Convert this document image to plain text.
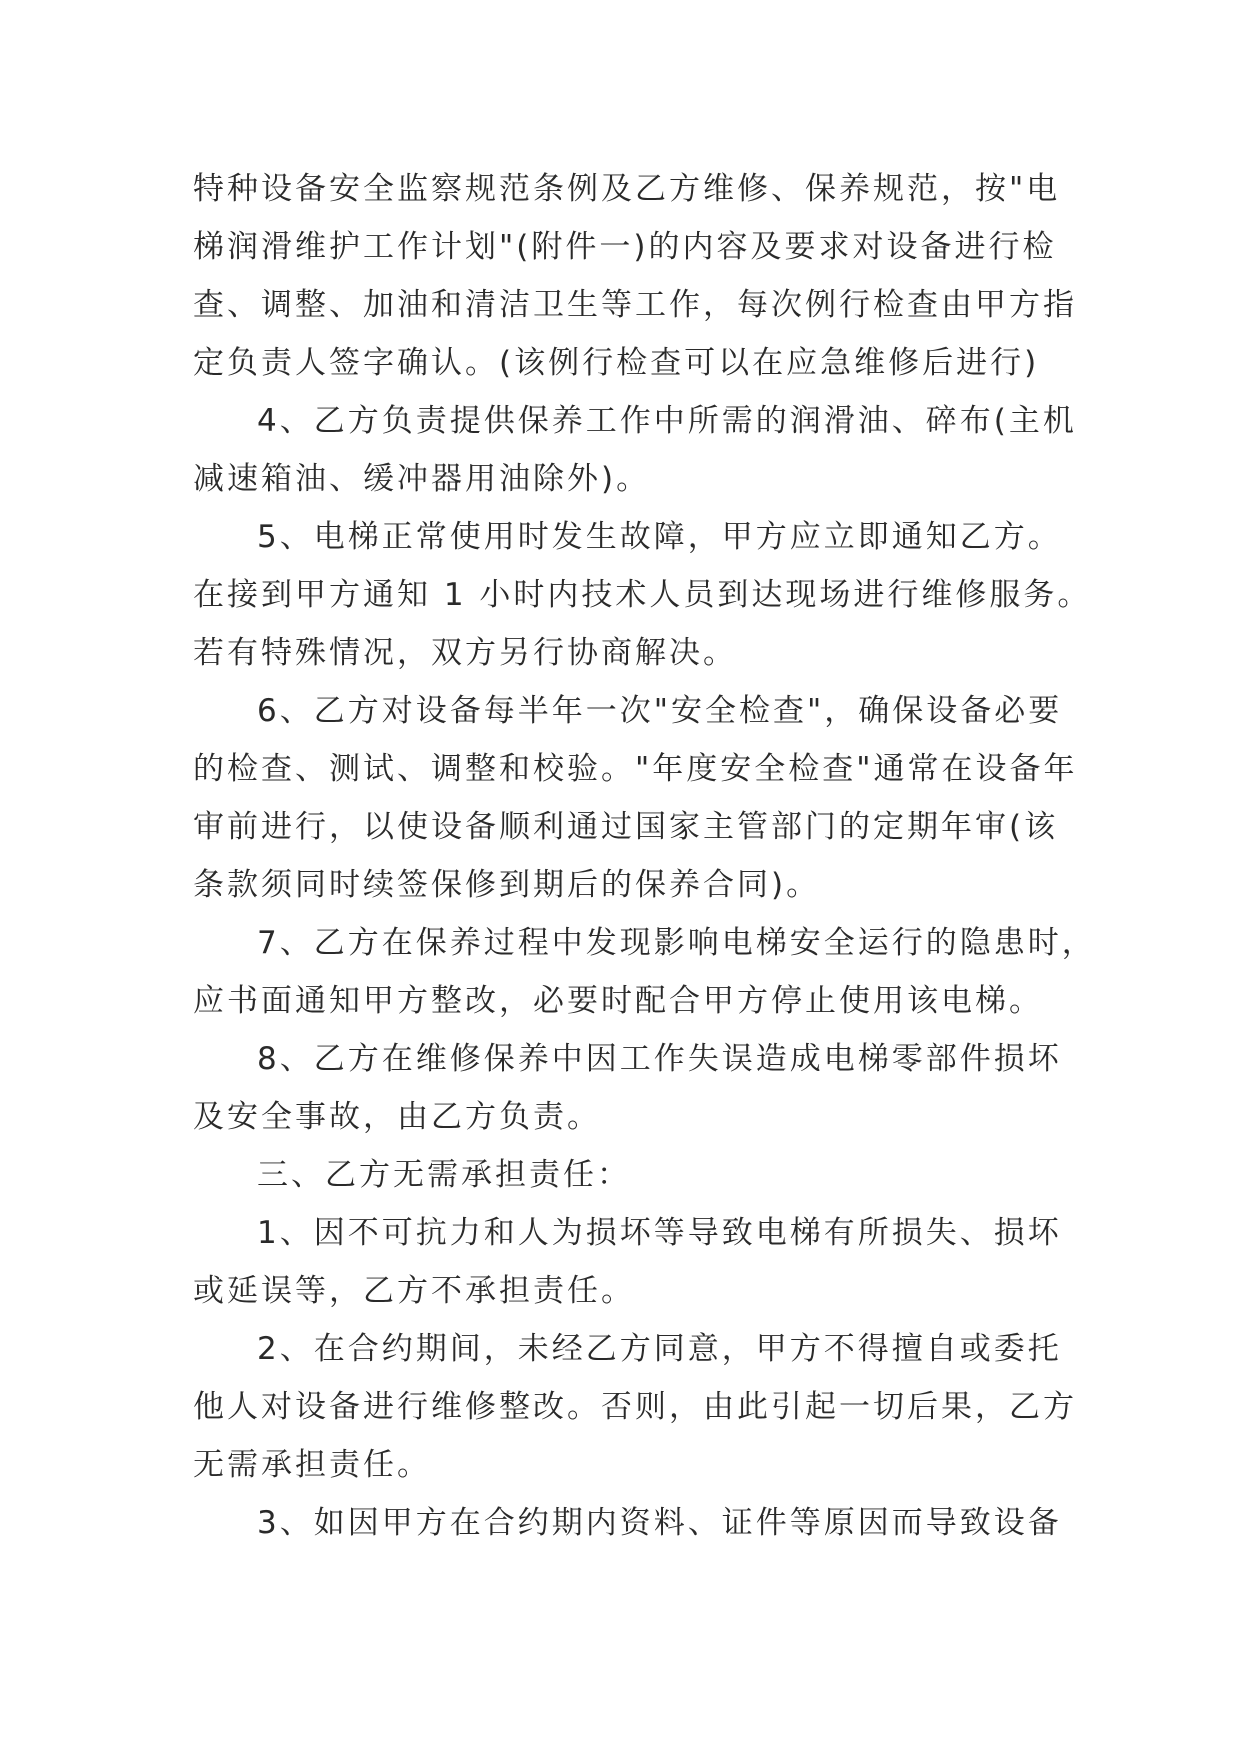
特种设备安全监察规范条例及乙方维修、保养规范，按"电
梯润滑维护工作计划"(附件一)的内容及要求对设备进行检
查、调整、加油和清洁卫生等工作，每次例行检查由甲方指
定负责人签字确认。(该例行检查可以在应急维修后进行)
4、乙方负责提供保养工作中所需的润滑油、碎布(主机
减速箱油、缓冲器用油除外)。
5、电梯正常使用时发生故障，甲方应立即通知乙方。
在接到甲方通知 1 小时内技术人员到达现场进行维修服务。
若有特殊情况，双方另行协商解决。
6、乙方对设备每半年一次"安全检查"，确保设备必要
的检查、测试、调整和校验。"年度安全检查"通常在设备年
审前进行，以使设备顺利通过国家主管部门的定期年审(该
条款须同时续签保修到期后的保养合同)。
7、乙方在保养过程中发现影响电梯安全运行的隐患时，
应书面通知甲方整改，必要时配合甲方停止使用该电梯。
8、乙方在维修保养中因工作失误造成电梯零部件损坏
及安全事故，由乙方负责。
三、乙方无需承担责任：
1、因不可抗力和人为损坏等导致电梯有所损失、损坏
或延误等，乙方不承担责任。
2、在合约期间，未经乙方同意，甲方不得擅自或委托
他人对设备进行维修整改。否则，由此引起一切后果，乙方
无需承担责任。
3、如因甲方在合约期内资料、证件等原因而导致设备
